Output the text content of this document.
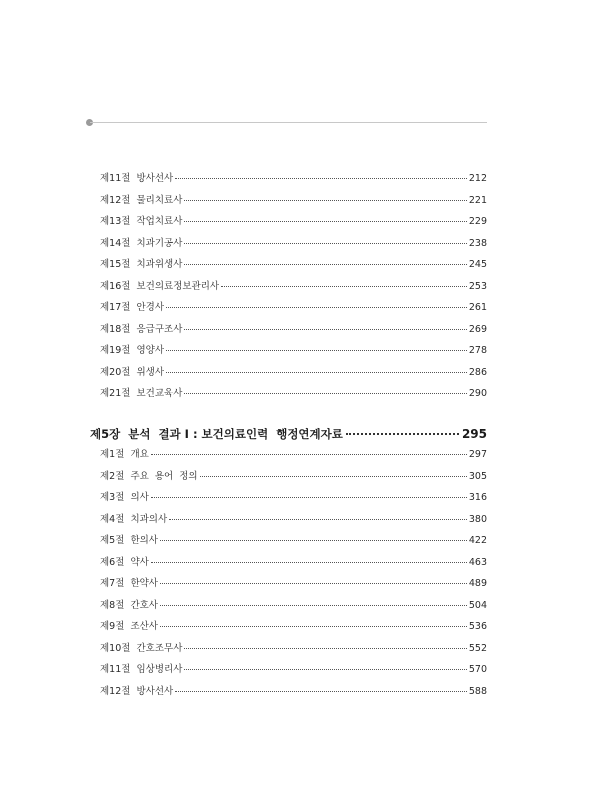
제11절  방사선사	212
제12절  물리치료사	221
제13절  작업치료사	229
제14절  치과기공사	238
제15절  치과위생사	245
제16절  보건의료정보관리사	253
제17절  안경사	261
제18절  응급구조사	269
제19절  영양사	278
제20절  위생사	286
제21절  보건교육사	290
제5장  분석  결과 Ⅰ : 보건의료인력  행정연계자료	295
제1절  개요	297
제2절  주요  용어  정의	305
제3절  의사	316
제4절  치과의사	380
제5절  한의사	422
제6절  약사	463
제7절  한약사	489
제8절  간호사	504
제9절  조산사	536
제10절  간호조무사	552
제11절  임상병리사	570
제12절  방사선사	588
